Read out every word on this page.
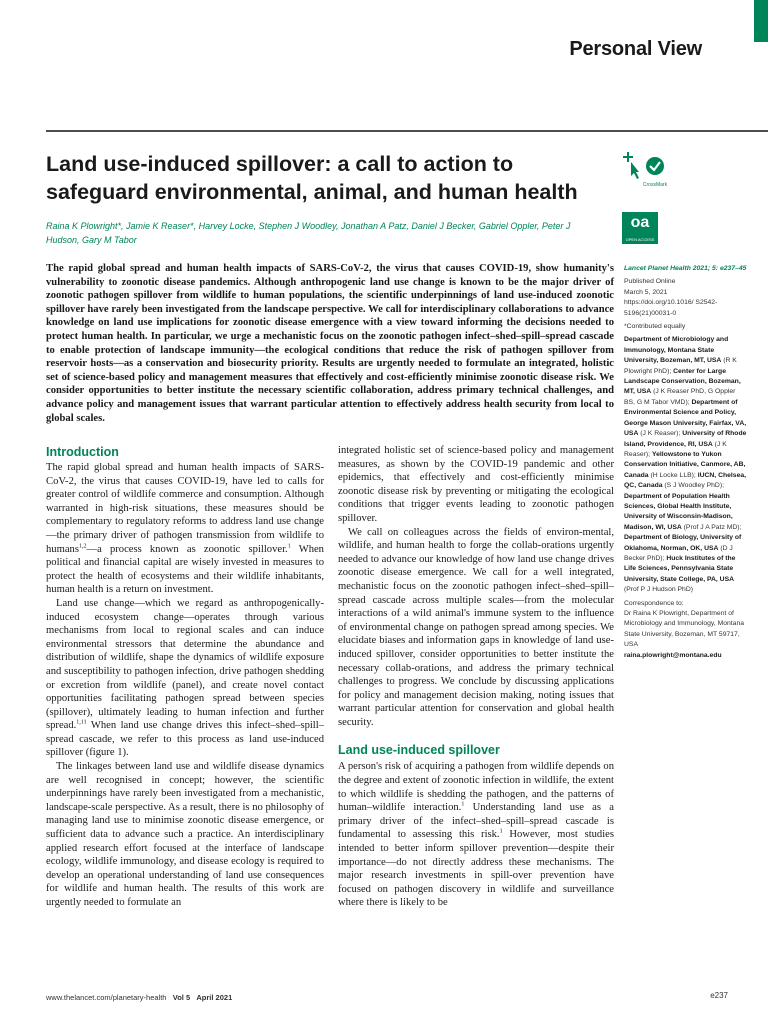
Personal View
Land use-induced spillover: a call to action to safeguard environmental, animal, and human health
Raina K Plowright*, Jamie K Reaser*, Harvey Locke, Stephen J Woodley, Jonathan A Patz, Daniel J Becker, Gabriel Oppler, Peter J Hudson, Gary M Tabor
CrossMark
oa
OPEN ACCESS
The rapid global spread and human health impacts of SARS-CoV-2, the virus that causes COVID-19, show humanity's vulnerability to zoonotic disease pandemics. Although anthropogenic land use change is known to be the major driver of zoonotic pathogen spillover from wildlife to human populations, the scientific underpinnings of land use-induced zoonotic spillover have rarely been investigated from the landscape perspective. We call for interdisciplinary collaborations to advance knowledge on land use implications for zoonotic disease emergence with a view toward informing the decisions needed to protect human health. In particular, we urge a mechanistic focus on the zoonotic pathogen infect–shed–spill–spread cascade to enable protection of landscape immunity—the ecological conditions that reduce the risk of pathogen spillover from reservoir hosts—as a conservation and biosecurity priority. Results are urgently needed to formulate an integrated, holistic set of science-based policy and management measures that effectively and cost-efficiently minimise zoonotic disease risk. We consider opportunities to better institute the necessary scientific collaboration, address primary technical challenges, and advance policy and management issues that warrant particular attention to effectively address health security from local to global scales.
Introduction

The rapid global spread and human health impacts of SARS-CoV-2, the virus that causes COVID-19, have led to calls for greater control of wildlife commerce and consumption. Although warranted in high-risk situations, these measures should be complementary to regulatory reforms to address land use change—the primary driver of pathogen transmission from wildlife to humans$^{1,2}$—a process known as zoonotic spillover.$^1$ When political and financial capital are wisely invested in measures to protect the health of ecosystems and their wildlife inhabitants, human health is a return on investment.

Land use change—which we regard as anthropogenically-induced ecosystem change—operates through various mechanisms from local to regional scales and can induce environmental stressors that determine the abundance and distribution of wildlife, shape the dynamics of wildlife exposure and susceptibility to pathogen infection, drive pathogen shedding or excretion from wildlife (panel), and create novel contact opportunities facilitating pathogen spread between species (spillover), ultimately leading to human infection and further spread.$^{1,11}$ When land use change drives this infect–shed–spill–spread cascade, we refer to this process as land use-induced spillover (figure 1).

The linkages between land use and wildlife disease dynamics are well recognised in concept; however, the scientific underpinnings have rarely been investigated from a mechanistic, landscape-scale perspective. As a result, there is no philosophy of managing land use to minimise zoonotic disease emergence, or sufficient data to advance such a practice. An interdisciplinary applied research effort focused at the interface of landscape ecology, wildlife immunology, and disease ecology is required to develop an operational understanding of land use consequences for wildlife and human health. The results of this work are urgently needed to formulate an

integrated holistic set of science-based policy and management measures, as shown by the COVID-19 pandemic and other epidemics, that effectively and cost-efficiently minimise zoonotic disease risk by preventing or mitigating the ecological conditions that trigger events leading to zoonotic pathogen spillover.

We call on colleagues across the fields of environ-mental, wildlife, and human health to forge the collab-orations urgently needed to advance our knowledge of how land use change drives zoonotic disease emergence. We call for a well integrated, mechanistic focus on the zoonotic pathogen infect–shed–spill–spread cascade across multiple scales—from the molecular interactions of a wild animal's immune system to the influence of environmental change on pathogen spread among species. We elucidate biases and information gaps in knowledge of land use-induced spillover, consider opportunities to better institute the necessary collab-orations, and address the primary technical challenges to progress. We conclude by discussing applications for policy and management decision making, noting issues that warrant particular attention for conservation and global health security.

Land use-induced spillover

A person's risk of acquiring a pathogen from wildlife depends on the degree and extent of zoonotic infection in wildlife, the extent to which wildlife is shedding the pathogen, and the patterns of human–wildlife interaction.$^1$ Understanding land use as a primary driver of the infect–shed–spill–spread cascade is fundamental to assessing this risk.$^1$ However, most studies intended to better inform spillover prevention—despite their importance—do not directly address these mechanisms. The major research investments in spill-over prevention have focused on pathogen discovery in wildlife and surveillance where there is likely to be

Lancet Planet Health 2021; 5: e237–45
Published Online
March 5, 2021
https://doi.org/10.1016/ S2542-5196(21)00031-0
*Contributed equally
Department of Microbiology and Immunology, Montana State University, Bozeman, MT, USA (R K Plowright PhD); Center for Large Landscape Conservation, Bozeman, MT, USA (J K Reaser PhD, G Oppler BS, G M Tabor VMD); Department of Environmental Science and Policy, George Mason University, Fairfax, VA, USA (J K Reaser); University of Rhode Island, Providence, RI, USA (J K Reaser); Yellowstone to Yukon Conservation Initiative, Canmore, AB, Canada (H Locke LLB); IUCN, Chelsea, QC, Canada (S J Woodley PhD); Department of Population Health Sciences, Global Health Institute, University of Wisconsin-Madison, Madison, WI, USA (Prof J A Patz MD); Department of Biology, University of Oklahoma, Norman, OK, USA (D J Becker PhD); Huck Institutes of the Life Sciences, Pennsylvania State University, State College, PA, USA (Prof P J Hudson PhD)
Correspondence to:
Dr Raina K Plowright, Department of Microbiology and Immunology, Montana State University, Bozeman, MT 59717, USA
raina.plowright@montana.edu
www.thelancet.com/planetary-health Vol 5 April 2021	e237
